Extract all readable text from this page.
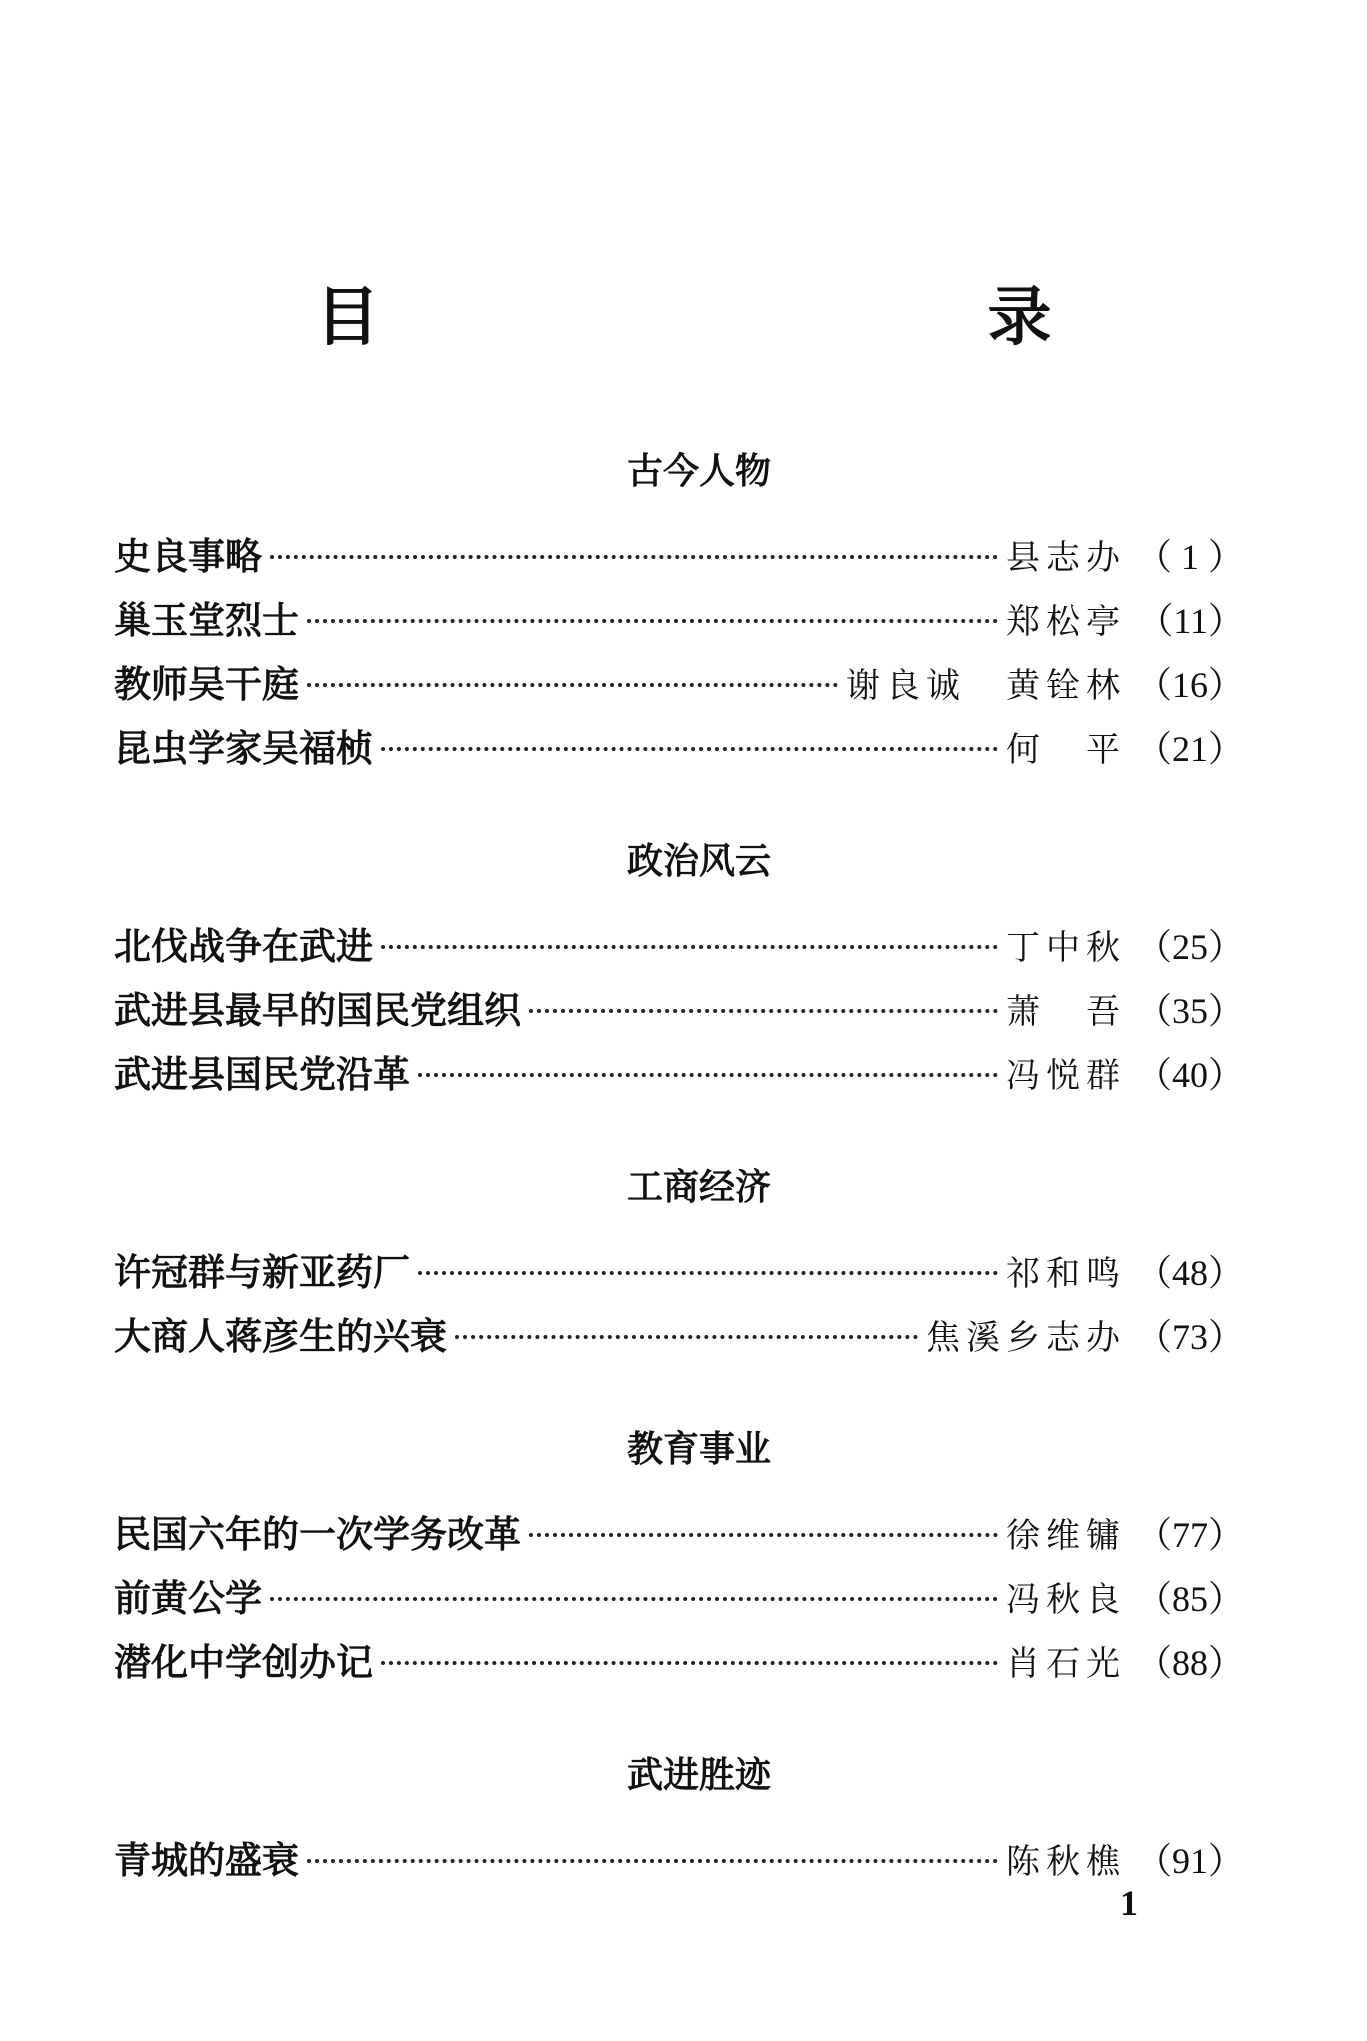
目　　录
古今人物
史良事略	县志办 （ 1 ）
巢玉堂烈士	郑松亭 （11）
教师吴干庭	谢良诚　黄铨林 （16）
昆虫学家吴福桢	何　平 （21）
政治风云
北伐战争在武进	丁中秋 （25）
武进县最早的国民党组织	萧　吾 （35）
武进县国民党沿革	冯悦群 （40）
工商经济
许冠群与新亚药厂	祁和鸣 （48）
大商人蒋彦生的兴衰	焦溪乡志办 （73）
教育事业
民国六年的一次学务改革	徐维镛 （77）
前黄公学	冯秋良 （85）
潜化中学创办记	肖石光 （88）
武进胜迹
青城的盛衰	陈秋樵 （91）
1
